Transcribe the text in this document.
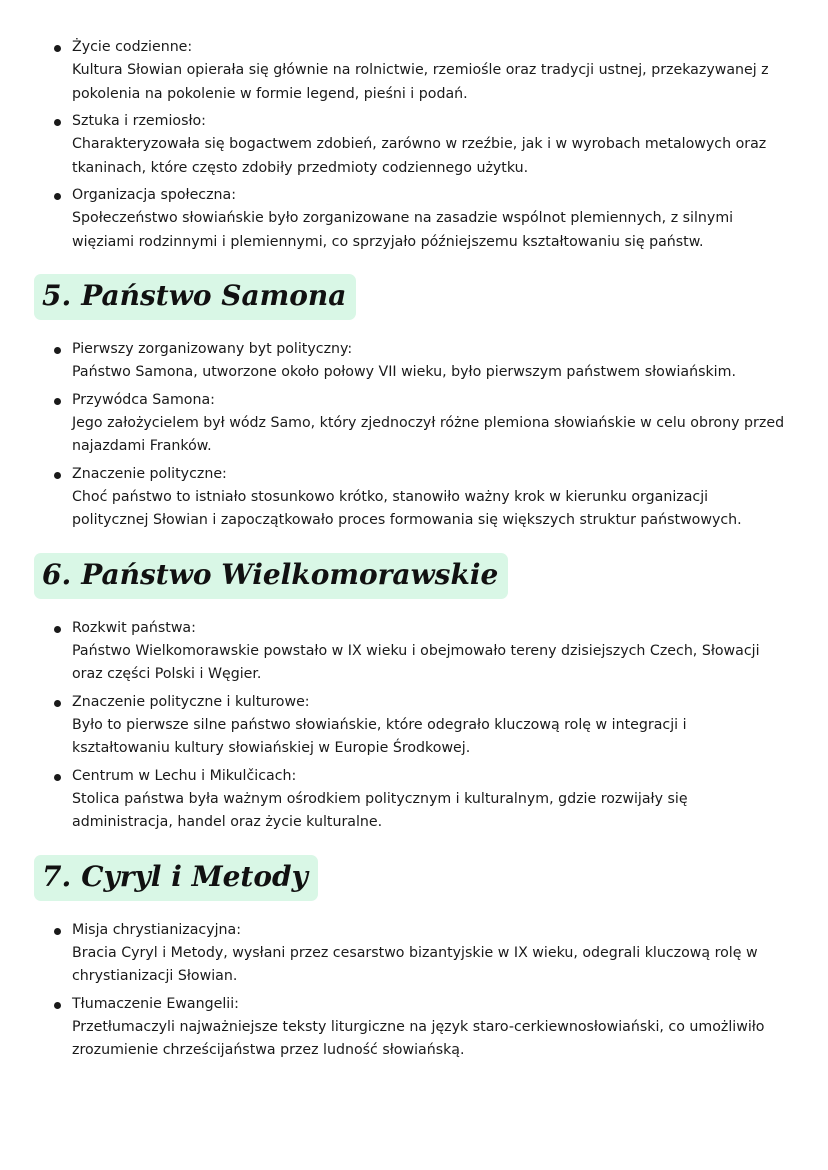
Życie codzienne:
Kultura Słowian opierała się głównie na rolnictwie, rzemiośle oraz tradycji ustnej, przekazywanej z pokolenia na pokolenie w formie legend, pieśni i podań.
Sztuka i rzemiosło:
Charakteryzowała się bogactwem zdobień, zarówno w rzeźbie, jak i w wyrobach metalowych oraz tkaninach, które często zdobiły przedmioty codziennego użytku.
Organizacja społeczna:
Społeczeństwo słowiańskie było zorganizowane na zasadzie wspólnot plemiennych, z silnymi więziami rodzinnymi i plemiennymi, co sprzyjało późniejszemu kształtowaniu się państw.
5. Państwo Samona
Pierwszy zorganizowany byt polityczny:
Państwo Samona, utworzone około połowy VII wieku, było pierwszym państwem słowiańskim.
Przywódca Samona:
Jego założycielem był wódz Samo, który zjednoczył różne plemiona słowiańskie w celu obrony przed najazdami Franków.
Znaczenie polityczne:
Choć państwo to istniało stosunkowo krótko, stanowiło ważny krok w kierunku organizacji politycznej Słowian i zapoczątkowało proces formowania się większych struktur państwowych.
6. Państwo Wielkomorawskie
Rozkwit państwa:
Państwo Wielkomorawskie powstało w IX wieku i obejmowało tereny dzisiejszych Czech, Słowacji oraz części Polski i Węgier.
Znaczenie polityczne i kulturowe:
Było to pierwsze silne państwo słowiańskie, które odegrało kluczową rolę w integracji i kształtowaniu kultury słowiańskiej w Europie Środkowej.
Centrum w Lechu i Mikulčicach:
Stolica państwa była ważnym ośrodkiem politycznym i kulturalnym, gdzie rozwijały się administracja, handel oraz życie kulturalne.
7. Cyryl i Metody
Misja chrystianizacyjna:
Bracia Cyryl i Metody, wysłani przez cesarstwo bizantyjskie w IX wieku, odegrali kluczową rolę w chrystianizacji Słowian.
Tłumaczenie Ewangelii:
Przetłumaczyli najważniejsze teksty liturgiczne na język staro-cerkiewnosłowiański, co umożliwiło zrozumienie chrześcijaństwa przez ludność słowiańską.
